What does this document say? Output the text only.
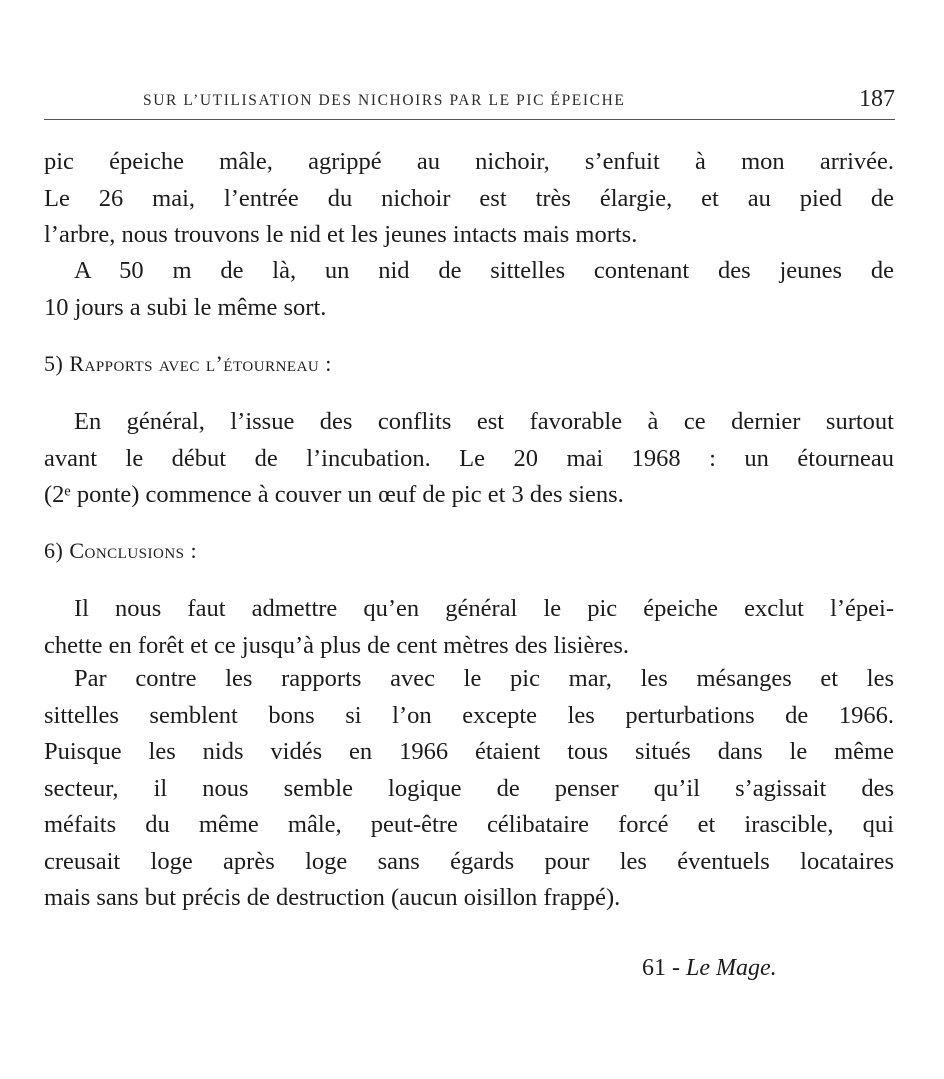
SUR L’UTILISATION DES NICHOIRS PAR LE PIC ÉPEICHE	187
pic épeiche mâle, agrippé au nichoir, s’enfuit à mon arrivée.
Le 26 mai, l’entrée du nichoir est très élargie, et au pied de
l’arbre, nous trouvons le nid et les jeunes intacts mais morts.
A 50 m de là, un nid de sittelles contenant des jeunes de
10 jours a subi le même sort.
5) Rapports avec l’étourneau :
En général, l’issue des conflits est favorable à ce dernier surtout
avant le début de l’incubation. Le 20 mai 1968 : un étourneau
(2ᵉ ponte) commence à couver un œuf de pic et 3 des siens.
6) Conclusions :
Il nous faut admettre qu’en général le pic épeiche exclut l’épei-
chette en forêt et ce jusqu’à plus de cent mètres des lisières.
Par contre les rapports avec le pic mar, les mésanges et les
sittelles semblent bons si l’on excepte les perturbations de 1966.
Puisque les nids vidés en 1966 étaient tous situés dans le même
secteur, il nous semble logique de penser qu’il s’agissait des
méfaits du même mâle, peut-être célibataire forcé et irascible, qui
creusait loge après loge sans égards pour les éventuels locataires
mais sans but précis de destruction (aucun oisillon frappé).
61 - Le Mage.
